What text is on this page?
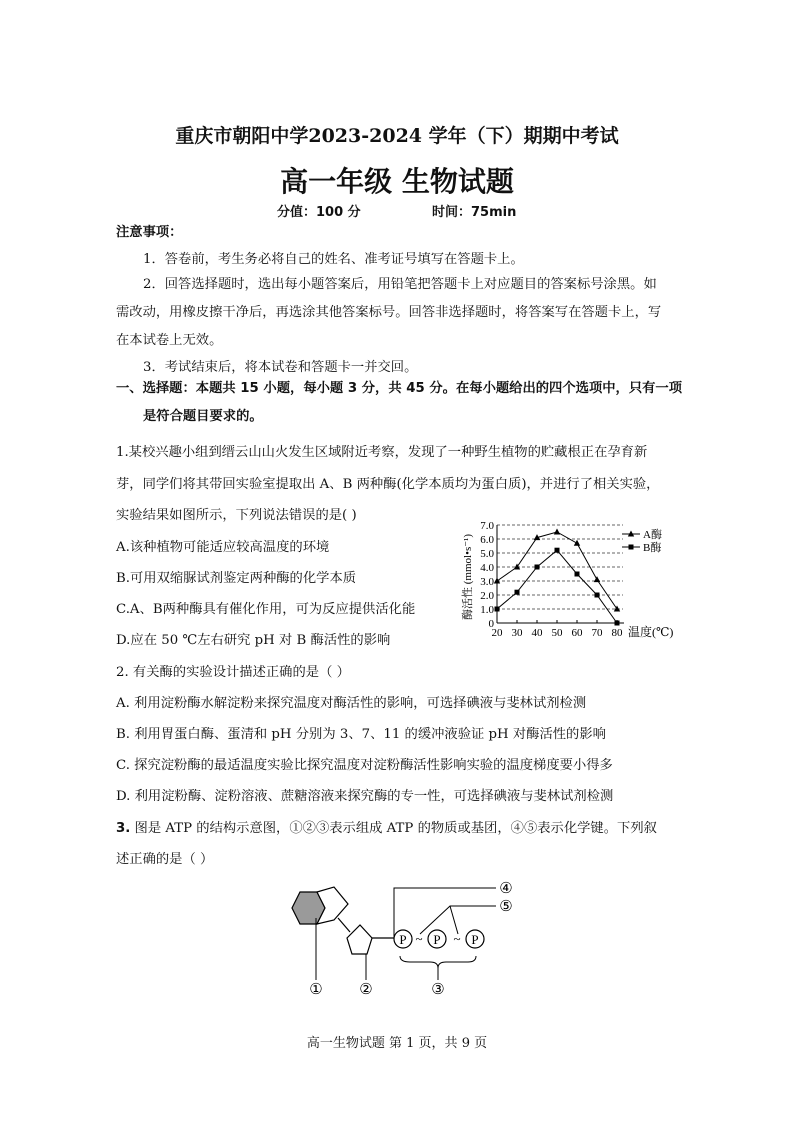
重庆市朝阳中学2023-2024 学年（下）期期中考试
高一年级 生物试题
分值：100 分	时间：75min
注意事项：
1．答卷前，考生务必将自己的姓名、准考证号填写在答题卡上。
2．回答选择题时，选出每小题答案后，用铅笔把答题卡上对应题目的答案标号涂黑。如
需改动，用橡皮擦干净后，再选涂其他答案标号。回答非选择题时，将答案写在答题卡上，写
在本试卷上无效。
3．考试结束后，将本试卷和答题卡一并交回。
一、选择题：本题共 15 小题，每小题 3 分，共 45 分。在每小题给出的四个选项中，只有一项
是符合题目要求的。
1.某校兴趣小组到缙云山山火发生区域附近考察，发现了一种野生植物的贮藏根正在孕育新
芽，同学们将其带回实验室提取出 A、B 两种酶(化学本质均为蛋白质)，并进行了相关实验，
实验结果如图所示，下列说法错误的是( )
A.该种植物可能适应较高温度的环境
B.可用双缩脲试剂鉴定两种酶的化学本质
C.A、B两种酶具有催化作用，可为反应提供活化能
D.应在 50 ℃左右研究 pH 对 B 酶活性的影响
0
1.0
2.0
3.0
4.0
5.0
6.0
7.0
20 30 40 50 60 70 80 温度(℃)
酶活性 (mmol•s⁻¹)	A酶
B酶
2. 有关酶的实验设计描述正确的是（ ）
A. 利用淀粉酶水解淀粉来探究温度对酶活性的影响，可选择碘液与斐林试剂检测
B. 利用胃蛋白酶、蛋清和 pH 分别为 3、7、11 的缓冲液验证 pH 对酶活性的影响
C. 探究淀粉酶的最适温度实验比探究温度对淀粉酶活性影响实验的温度梯度要小得多
D. 利用淀粉酶、淀粉溶液、蔗糖溶液来探究酶的专一性，可选择碘液与斐林试剂检测
3. 图是 ATP 的结构示意图，①②③表示组成 ATP 的物质或基团，④⑤表示化学键。下列叙
述正确的是（ ）
P ~ P ~ P
① ②	③
④
⑤
高一生物试题 第 1 页，共 9 页
